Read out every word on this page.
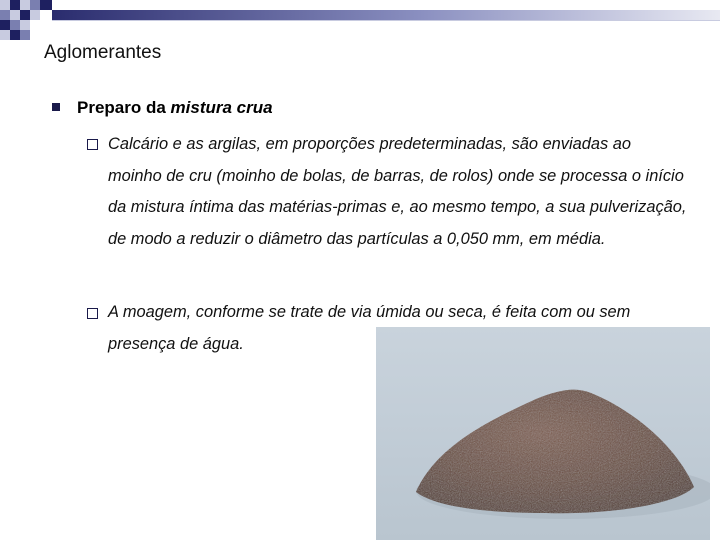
Aglomerantes
Preparo da mistura crua
Calcário e as argilas, em proporções predeterminadas, são enviadas ao moinho de cru (moinho de bolas, de barras, de rolos) onde se processa o início da mistura íntima das matérias-primas e, ao mesmo tempo, a sua pulverização, de modo a reduzir o diâmetro das partículas a 0,050 mm, em média.
A moagem, conforme se trate de via úmida ou seca, é feita com ou sem presença de água.
